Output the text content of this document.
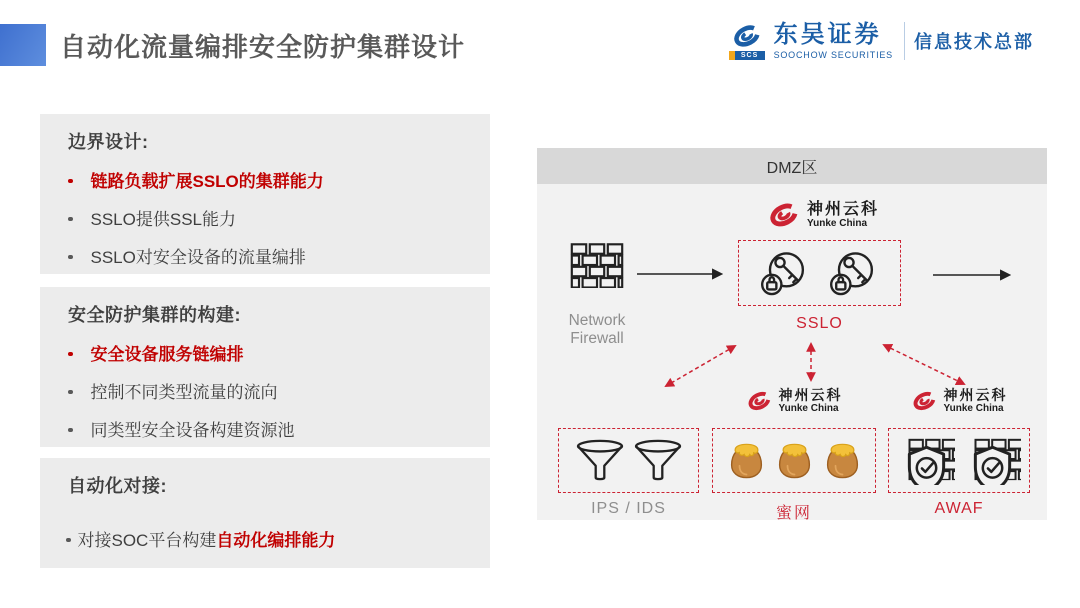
自动化流量编排安全防护集群设计	SCS
东吴证券
SOOCHOW SECURITIES
信息技术总部
边界设计:
链路负载扩展SSLO的集群能力
SSLO提供SSL能力
SSLO对安全设备的流量编排
安全防护集群的构建:
安全设备服务链编排
控制不同类型流量的流向
同类型安全设备构建资源池
自动化对接:

对接SOC平台构建 自动化编排能力

DMZ区
Network Firewall
神州云科
Yunke China
SSLO
IPS / IDS
神州云科
Yunke China
蜜网
神州云科
Yunke China
AWAF
